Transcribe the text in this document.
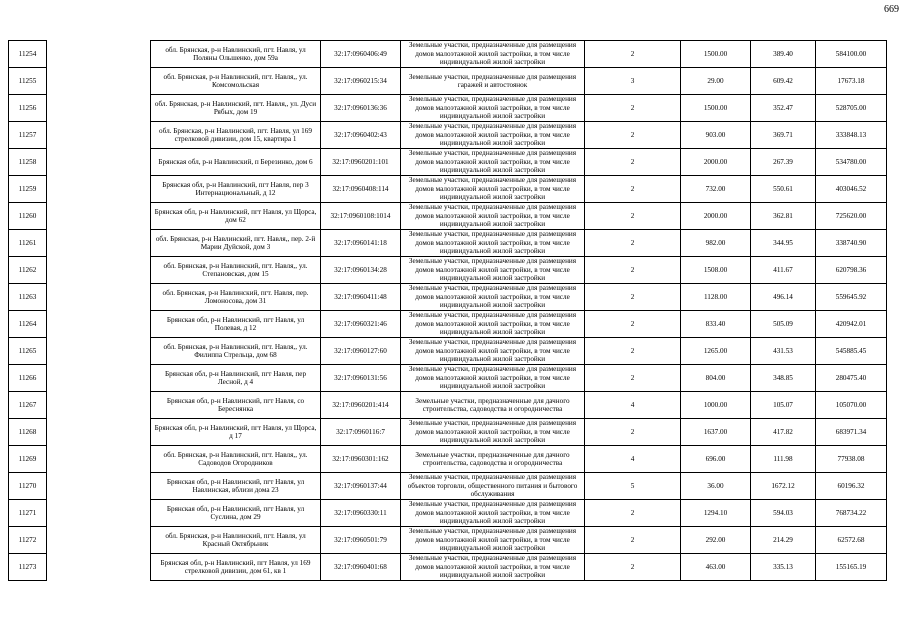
669
11254		обл. Брянская, р-н Навлинский, пгт. Навля, ул Поляны Ольшенко, дом 59а	32:17:0960406:49	Земельные участки, предназначенные для размещения домов малоэтажной жилой застройки, в том числе индивидуальной жилой застройки	2	1500.00	389.40	584100.00
11255		обл. Брянская, р-н Навлинский, пгт. Навля,, ул. Комсомольская	32:17:0960215:34	Земельные участки, предназначенные для размещения гаражей и автостоянок	3	29.00	609.42	17673.18
11256		обл. Брянская, р-н Навлинский, пгт. Навля,, ул. Дуси Рябых, дом 19	32:17:0960136:36	Земельные участки, предназначенные для размещения домов малоэтажной жилой застройки, в том числе индивидуальной жилой застройки	2	1500.00	352.47	528705.00
11257		обл. Брянская, р-н Навлинский, пгт. Навля, ул 169 стрелковой дивизии, дом 15, квартира 1	32:17:0960402:43	Земельные участки, предназначенные для размещения домов малоэтажной жилой застройки, в том числе индивидуальной жилой застройки	2	903.00	369.71	333848.13
11258		Брянская обл, р-н Навлинский, п Березинко, дом 6	32:17:0960201:101	Земельные участки, предназначенные для размещения домов малоэтажной жилой застройки, в том числе индивидуальной жилой застройки	2	2000.00	267.39	534780.00
11259		Брянская обл, р-н Навлинский, пгт Навля, пер 3 Интернациональный, д 12	32:17:0960408:114	Земельные участки, предназначенные для размещения домов малоэтажной жилой застройки, в том числе индивидуальной жилой застройки	2	732.00	550.61	403046.52
11260		Брянская обл, р-н Навлинский, пгт Навля, ул Щорса, дом 62	32:17:0960108:1014	Земельные участки, предназначенные для размещения домов малоэтажной жилой застройки, в том числе индивидуальной жилой застройки	2	2000.00	362.81	725620.00
11261		обл. Брянская, р-н Навлинский, пгт. Навля,, пер. 2-й Марии Дуйской, дом 3	32:17:0960141:18	Земельные участки, предназначенные для размещения домов малоэтажной жилой застройки, в том числе индивидуальной жилой застройки	2	982.00	344.95	338740.90
11262		обл. Брянская, р-н Навлинский, пгт. Навля,, ул. Степановская, дом 15	32:17:0960134:28	Земельные участки, предназначенные для размещения домов малоэтажной жилой застройки, в том числе индивидуальной жилой застройки	2	1508.00	411.67	620798.36
11263		обл. Брянская, р-н Навлинский, пгт. Навля, пер. Ломоносова, дом 31	32:17:0960411:48	Земельные участки, предназначенные для размещения домов малоэтажной жилой застройки, в том числе индивидуальной жилой застройки	2	1128.00	496.14	559645.92
11264		Брянская обл, р-н Навлинский, пгт Навля, ул Полевая, д 12	32:17:0960321:46	Земельные участки, предназначенные для размещения домов малоэтажной жилой застройки, в том числе индивидуальной жилой застройки	2	833.40	505.09	420942.01
11265		обл. Брянская, р-н Навлинский, пгт. Навля,, ул. Филиппа Стрельца, дом 68	32:17:0960127:60	Земельные участки, предназначенные для размещения домов малоэтажной жилой застройки, в том числе индивидуальной жилой застройки	2	1265.00	431.53	545885.45
11266		Брянская обл, р-н Навлинский, пгт Навля, пер Лесной, д 4	32:17:0960131:56	Земельные участки, предназначенные для размещения домов малоэтажной жилой застройки, в том числе индивидуальной жилой застройки	2	804.00	348.85	280475.40
11267		Брянская обл, р-н Навлинский, пгт Навля, со Береснянка	32:17:0960201:414	Земельные участки, предназначенные для дачного строительства, садоводства и огородничества	4	1000.00	105.07	105070.00
11268		Брянская обл, р-н Навлинский, пгт Навля, ул Щорса, д 17	32:17:0960116:7	Земельные участки, предназначенные для размещения домов малоэтажной жилой застройки, в том числе индивидуальной жилой застройки	2	1637.00	417.82	683971.34
11269		обл. Брянская, р-н Навлинский, пгт. Навля,, ул. Садоводов Огородников	32:17:0960301:162	Земельные участки, предназначенные для дачного строительства, садоводства и огородничества	4	696.00	111.98	77938.08
11270		Брянская обл, р-н Навлинский, пгт Навля, ул Навлинская, вблизи дома 23	32:17:0960137:44	Земельные участки, предназначенные для размещения объектов торговли, общественного питания и бытового обслуживания	5	36.00	1672.12	60196.32
11271		Брянская обл, р-н Навлинский, пгт Навля, ул Суслина, дом 29	32:17:0960330:11	Земельные участки, предназначенные для размещения домов малоэтажной жилой застройки, в том числе индивидуальной жилой застройки	2	1294.10	594.03	768734.22
11272		обл. Брянская, р-н Навлинский, пгт. Навля, ул Красный Октябрьник	32:17:0960501:79	Земельные участки, предназначенные для размещения домов малоэтажной жилой застройки, в том числе индивидуальной жилой застройки	2	292.00	214.29	62572.68
11273		Брянская обл, р-н Навлинский, пгт Навля, ул 169 стрелковой дивизии, дом 61, кв 1	32:17:0960401:68	Земельные участки, предназначенные для размещения домов малоэтажной жилой застройки, в том числе индивидуальной жилой застройки	2	463.00	335.13	155165.19
